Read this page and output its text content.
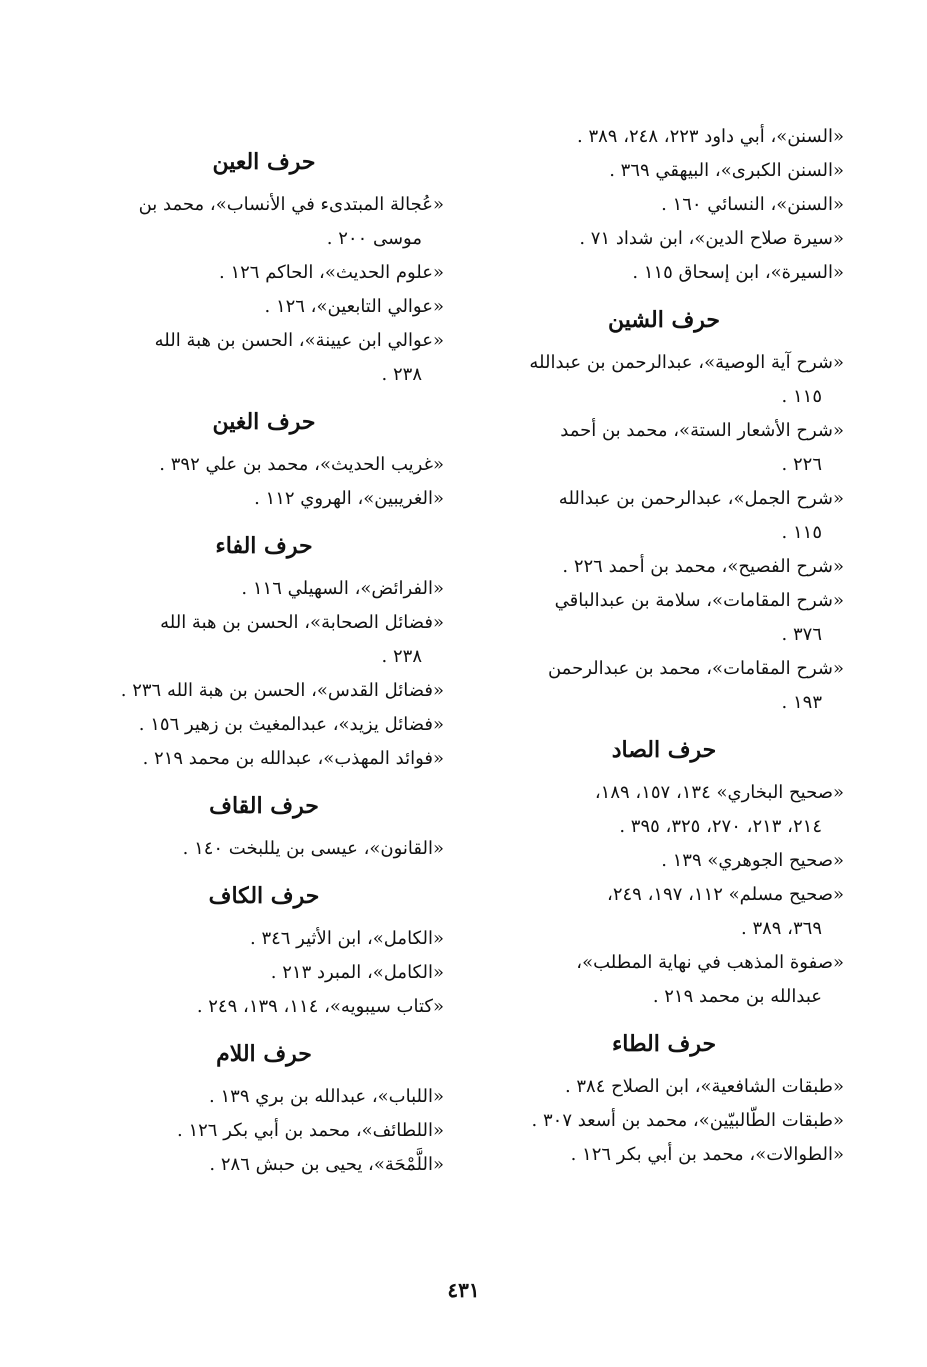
«السنن»، أبي داود ٢٢٣، ٢٤٨، ٣٨٩ .

«السنن الكبرى»، البيهقي ٣٦٩ .

«السنن»، النسائي ١٦٠ .

«سيرة صلاح الدين»، ابن شداد ٧١ .

«السيرة»، ابن إسحاق ١١٥ .

حرف الشين

«شرح آية الوصية»، عبدالرحمن بن عبدالله
١١٥ .

«شرح الأشعار الستة»، محمد بن أحمد
٢٢٦ .

«شرح الجمل»، عبدالرحمن بن عبدالله
١١٥ .

«شرح الفصيح»، محمد بن أحمد ٢٢٦ .

«شرح المقامات»، سلامة بن عبدالباقي
٣٧٦ .

«شرح المقامات»، محمد بن عبدالرحمن
١٩٣ .

حرف الصاد

«صحيح البخاري» ١٣٤، ١٥٧، ١٨٩،
٢١٤، ٢١٣، ٢٧٠، ٣٢٥، ٣٩٥ .

«صحيح الجوهري» ١٣٩ .

«صحيح مسلم» ١١٢، ١٩٧، ٢٤٩،
٣٦٩، ٣٨٩ .

«صفوة المذهب في نهاية المطلب»،
عبدالله بن محمد ٢١٩ .

حرف الطاء

«طبقات الشافعية»، ابن الصلاح ٣٨٤ .

«طبقات الطّالبيّين»، محمد بن أسعد ٣٠٧ .

«الطوالات»، محمد بن أبي بكر ١٢٦ .

حرف العين

«عُجالة المبتدىء في الأنساب»، محمد بن
موسى ٢٠٠ .

«علوم الحديث»، الحاكم ١٢٦ .

«عوالي التابعين»، ١٢٦ .

«عوالي ابن عيينة»، الحسن بن هبة الله
٢٣٨ .

حرف الغين

«غريب الحديث»، محمد بن علي ٣٩٢ .

«الغريبين»، الهروي ١١٢ .

حرف الفاء

«الفرائض»، السهيلي ١١٦ .

«فضائل الصحابة»، الحسن بن هبة الله
٢٣٨ .

«فضائل القدس»، الحسن بن هبة الله ٢٣٦ .

«فضائل يزيد»، عبدالمغيث بن زهير ١٥٦ .

«فوائد المهذب»، عبدالله بن محمد ٢١٩ .

حرف القاف

«القانون»، عيسى بن يللبخت ١٤٠ .

حرف الكاف

«الكامل»، ابن الأثير ٣٤٦ .

«الكامل»، المبرد ٢١٣ .

«كتاب سيبويه»، ١١٤، ١٣٩، ٢٤٩ .

حرف اللام

«اللباب»، عبدالله بن بري ١٣٩ .

«اللطائف»، محمد بن أبي بكر ١٢٦ .

«اللَّمْحَة»، يحيى بن حبش ٢٨٦ .

٤٣١
